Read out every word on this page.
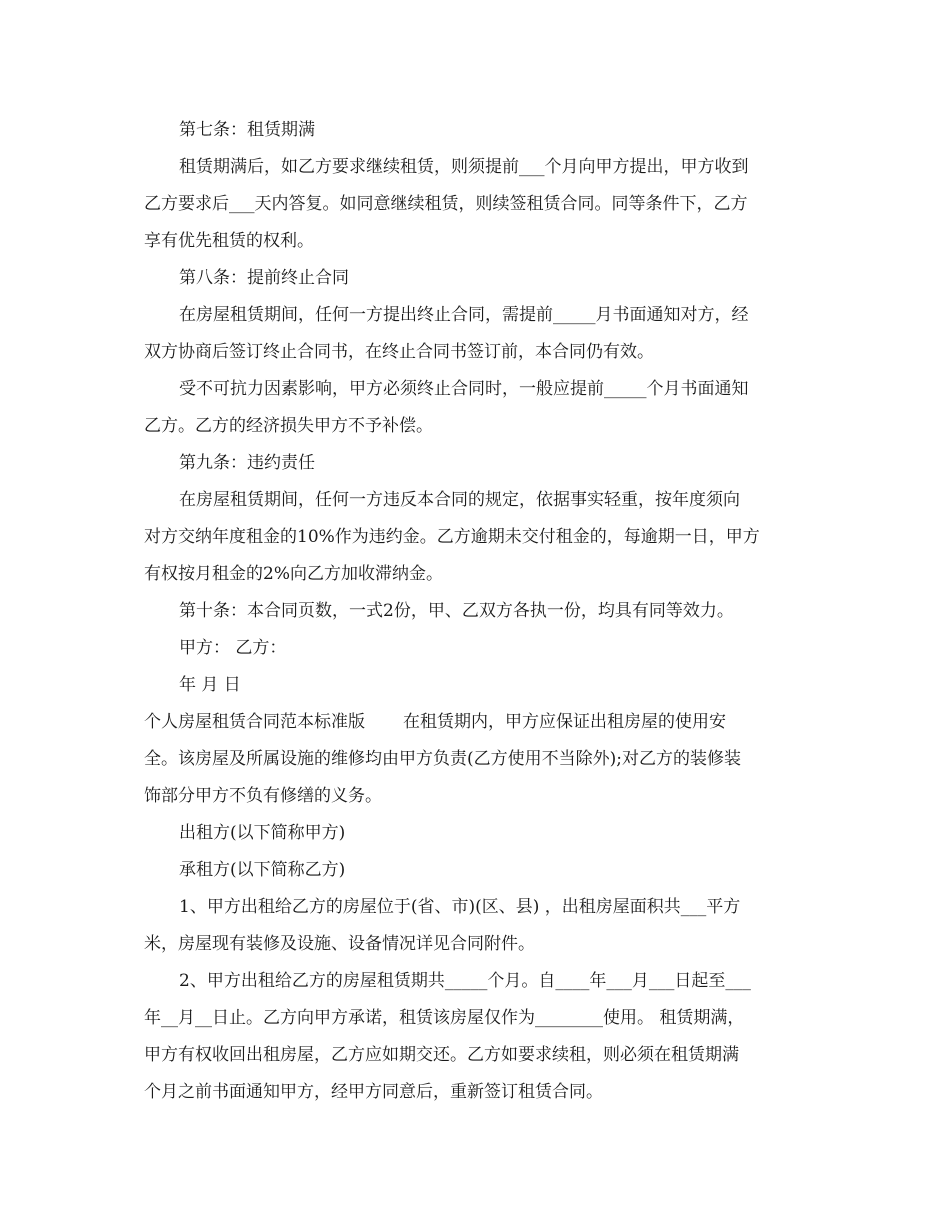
第七条：租赁期满
租赁期满后，如乙方要求继续租赁，则须提前___个月向甲方提出，甲方收到
乙方要求后___天内答复。如同意继续租赁，则续签租赁合同。同等条件下，乙方
享有优先租赁的权利。
第八条：提前终止合同
在房屋租赁期间，任何一方提出终止合同，需提前_____月书面通知对方，经
双方协商后签订终止合同书，在终止合同书签订前，本合同仍有效。
受不可抗力因素影响，甲方必须终止合同时，一般应提前_____个月书面通知
乙方。乙方的经济损失甲方不予补偿。
第九条：违约责任
在房屋租赁期间，任何一方违反本合同的规定，依据事实轻重，按年度须向
对方交纳年度租金的10%作为违约金。乙方逾期未交付租金的，每逾期一日，甲方
有权按月租金的2%向乙方加收滞纳金。
第十条：本合同页数，一式2份，甲、乙双方各执一份，均具有同等效力。
甲方： 乙方：
年 月 日
个人房屋租赁合同范本标准版 在租赁期内，甲方应保证出租房屋的使用安
全。该房屋及所属设施的维修均由甲方负责(乙方使用不当除外);对乙方的装修装
饰部分甲方不负有修缮的义务。
出租方(以下简称甲方)
承租方(以下简称乙方)
1、甲方出租给乙方的房屋位于(省、市)(区、县) ，出租房屋面积共___平方
米，房屋现有装修及设施、设备情况详见合同附件。
2、甲方出租给乙方的房屋租赁期共_____个月。自____年___月___日起至___
年__月__日止。乙方向甲方承诺，租赁该房屋仅作为________使用。 租赁期满，
甲方有权收回出租房屋，乙方应如期交还。乙方如要求续租，则必须在租赁期满
个月之前书面通知甲方，经甲方同意后，重新签订租赁合同。
